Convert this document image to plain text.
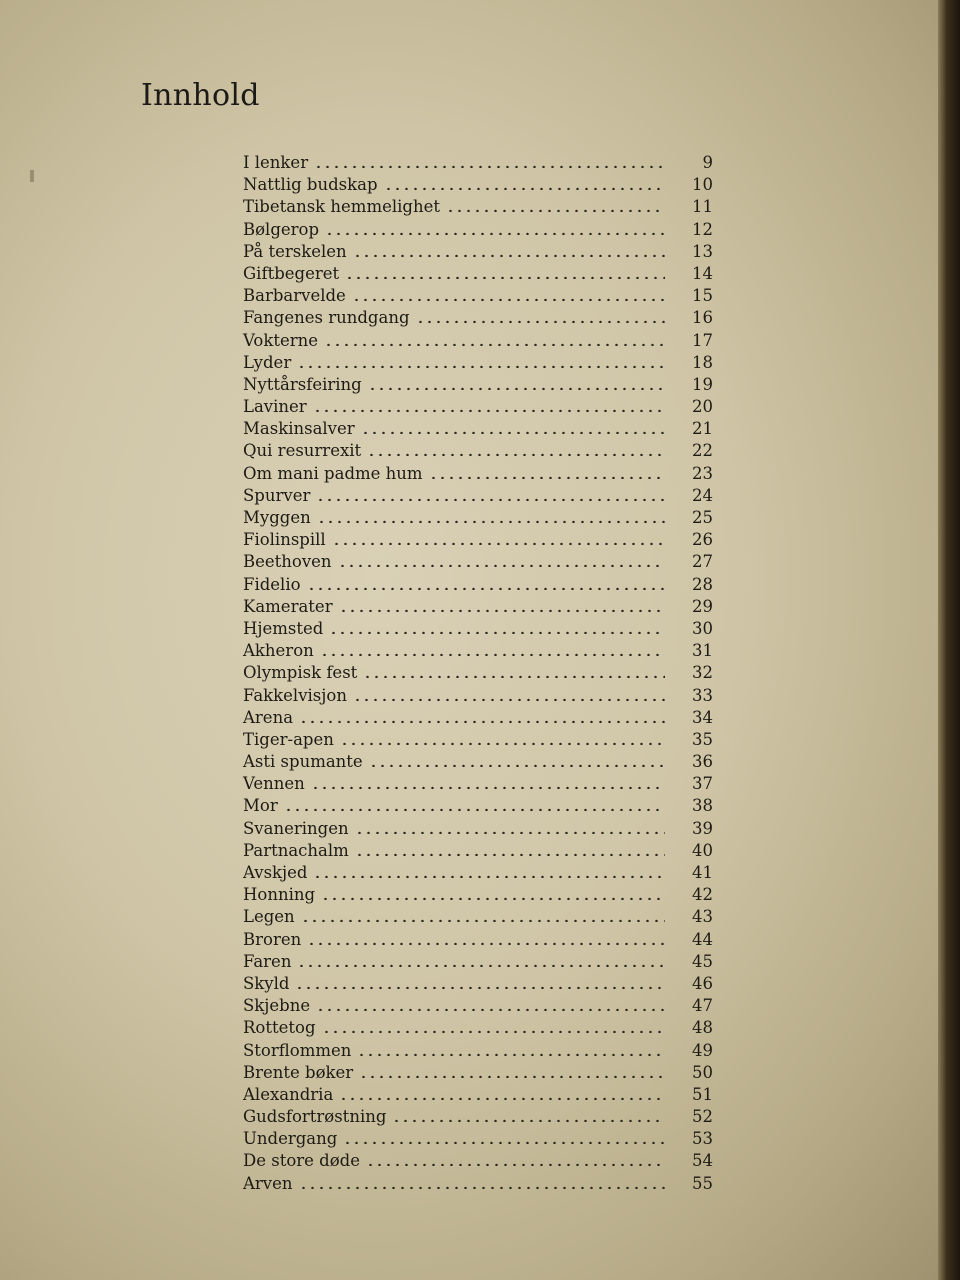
Innhold
I lenker	9
Nattlig budskap	10
Tibetansk hemmelighet	11
Bølgerop	12
På terskelen	13
Giftbegeret	14
Barbarvelde	15
Fangenes rundgang	16
Vokterne	17
Lyder	18
Nyttårsfeiring	19
Laviner	20
Maskinsalver	21
Qui resurrexit	22
Om mani padme hum	23
Spurver	24
Myggen	25
Fiolinspill	26
Beethoven	27
Fidelio	28
Kamerater	29
Hjemsted	30
Akheron	31
Olympisk fest	32
Fakkelvisjon	33
Arena	34
Tiger-apen	35
Asti spumante	36
Vennen	37
Mor	38
Svaneringen	39
Partnachalm	40
Avskjed	41
Honning	42
Legen	43
Broren	44
Faren	45
Skyld	46
Skjebne	47
Rottetog	48
Storflommen	49
Brente bøker	50
Alexandria	51
Gudsfortrøstning	52
Undergang	53
De store døde	54
Arven	55
